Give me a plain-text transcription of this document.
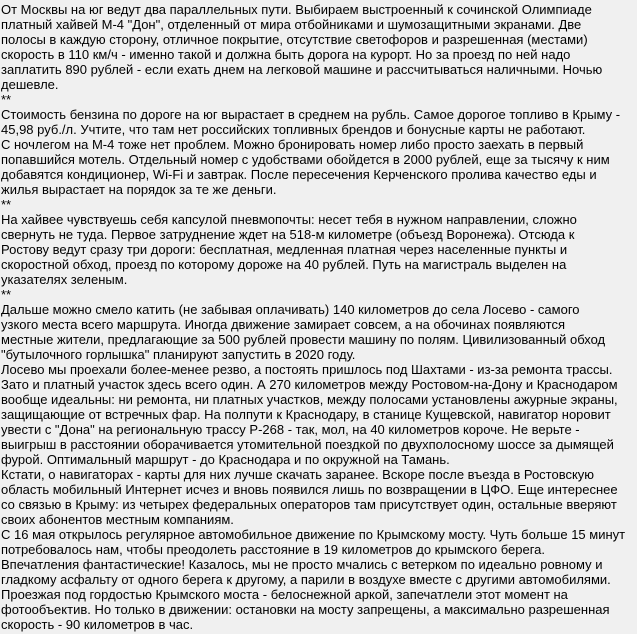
От Москвы на юг ведут два параллельных пути. Выбираем выстроенный к сочинской Олимпиаде
платный хайвей М-4 "Дон", отделенный от мира отбойниками и шумозащитными экранами. Две
полосы в каждую сторону, отличное покрытие, отсутствие светофоров и разрешенная (местами)
скорость в 110 км/ч - именно такой и должна быть дорога на курорт. Но за проезд по ней надо
заплатить 890 рублей - если ехать днем на легковой машине и рассчитываться наличными. Ночью
дешевле.
**
Стоимость бензина по дороге на юг вырастает в среднем на рубль. Самое дорогое топливо в Крыму -
45,98 руб./л. Учтите, что там нет российских топливных брендов и бонусные карты не работают.
С ночлегом на М-4 тоже нет проблем. Можно бронировать номер либо просто заехать в первый
попавшийся мотель. Отдельный номер с удобствами обойдется в 2000 рублей, еще за тысячу к ним
добавятся кондиционер, Wi-Fi и завтрак. После пересечения Керченского пролива качество еды и
жилья вырастает на порядок за те же деньги.
**
На хайвее чувствуешь себя капсулой пневмопочты: несет тебя в нужном направлении, сложно
свернуть не туда. Первое затруднение ждет на 518-м километре (объезд Воронежа). Отсюда к
Ростову ведут сразу три дороги: бесплатная, медленная платная через населенные пункты и
скоростной обход, проезд по которому дороже на 40 рублей. Путь на магистраль выделен на
указателях зеленым.
**
Дальше можно смело катить (не забывая оплачивать) 140 километров до села Лосево - самого
узкого места всего маршрута. Иногда движение замирает совсем, а на обочинах появляются
местные жители, предлагающие за 500 рублей провести машину по полям. Цивилизованный обход
"бутылочного горлышка" планируют запустить в 2020 году.
Лосево мы проехали более-менее резво, а постоять пришлось под Шахтами - из-за ремонта трассы.
Зато и платный участок здесь всего один. А 270 километров между Ростовом-на-Дону и Краснодаром
вообще идеальны: ни ремонта, ни платных участков, между полосами установлены ажурные экраны,
защищающие от встречных фар. На полпути к Краснодару, в станице Кущевской, навигатор норовит
увести с "Дона" на региональную трассу Р-268 - так, мол, на 40 километров короче. Не верьте -
выигрыш в расстоянии оборачивается утомительной поездкой по двухполосному шоссе за дымящей
фурой. Оптимальный маршрут - до Краснодара и по окружной на Тамань.
Кстати, о навигаторах - карты для них лучше скачать заранее. Вскоре после въезда в Ростовскую
область мобильный Интернет исчез и вновь появился лишь по возвращении в ЦФО. Еще интереснее
со связью в Крыму: из четырех федеральных операторов там присутствует один, остальные вверяют
своих абонентов местным компаниям.
С 16 мая открылось регулярное автомобильное движение по Крымскому мосту. Чуть больше 15 минут
потребовалось нам, чтобы преодолеть расстояние в 19 километров до крымского берега.
Впечатления фантастические! Казалось, мы не просто мчались с ветерком по идеально ровному и
гладкому асфальту от одного берега к другому, а парили в воздухе вместе с другими автомобилями.
Проезжая под гордостью Крымского моста - белоснежной аркой, запечатлели этот момент на
фотообъектив. Но только в движении: остановки на мосту запрещены, а максимально разрешенная
скорость - 90 километров в час.
